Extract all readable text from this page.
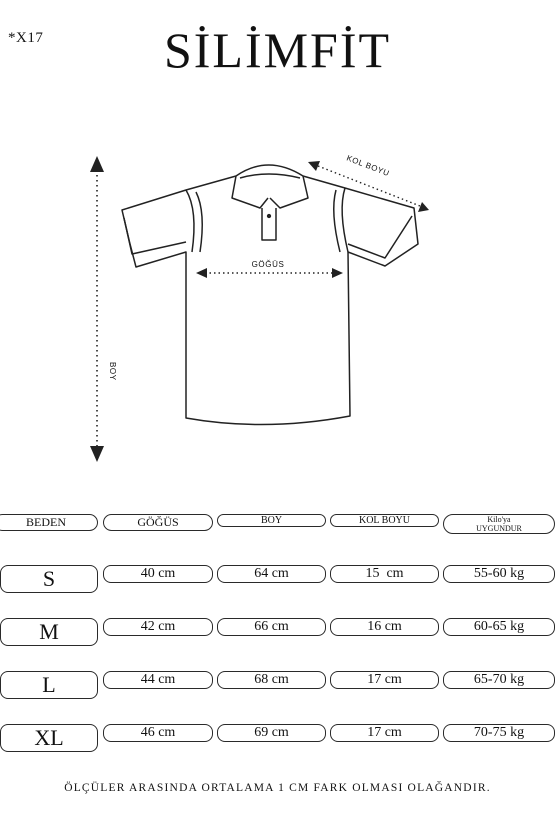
*X17	SİLİMFİT
GÖĞÜS
KOL BOYU
BOY
BEDEN	GÖĞÜS	BOY	KOL BOYU	Kilo'ya
UYGUNDUR
S	40 cm	64 cm	15  cm	55-60 kg
M	42 cm	66 cm	16 cm	60-65 kg
L	44 cm	68 cm	17 cm	65-70 kg
XL	46 cm	69 cm	17 cm	70-75 kg
ÖLÇÜLER ARASINDA ORTALAMA 1 CM FARK OLMASI OLAĞANDIR.
